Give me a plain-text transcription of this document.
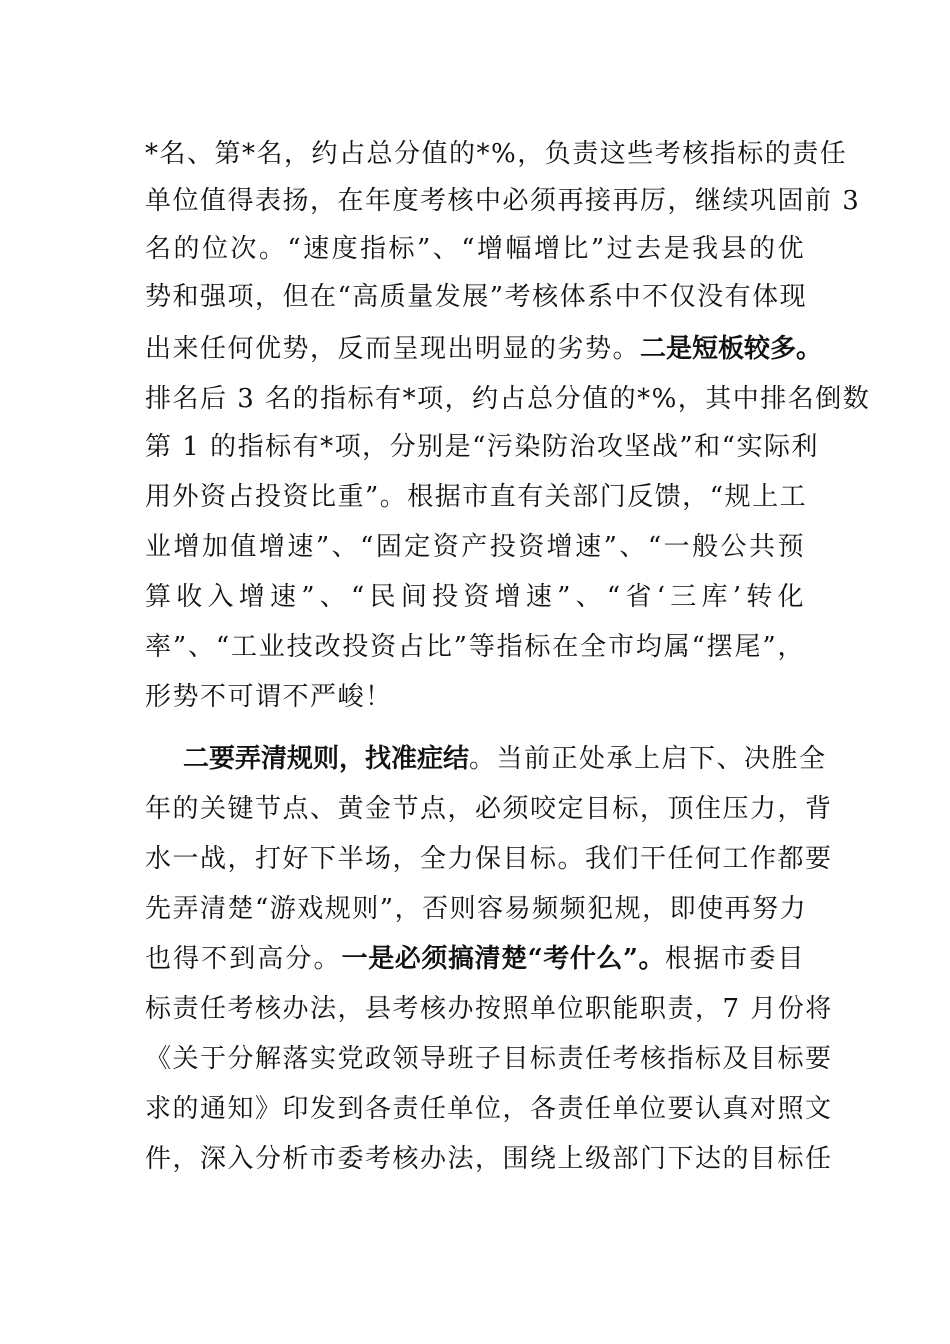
*名、第*名，约占总分值的*%，负责这些考核指标的责任
单位值得表扬，在年度考核中必须再接再厉，继续巩固前 3
名的位次。“速度指标”、“增幅增比”过去是我县的优
势和强项，但在“高质量发展”考核体系中不仅没有体现
出来任何优势，反而呈现出明显的劣势。二是短板较多。
排名后 3 名的指标有*项，约占总分值的*%，其中排名倒数
第 1 的指标有*项，分别是“污染防治攻坚战”和“实际利
用外资占投资比重”。根据市直有关部门反馈，“规上工
业增加值增速”、“固定资产投资增速”、“一般公共预
算收入增速”、“民间投资增速”、“省‘三库’转化
率”、“工业技改投资占比”等指标在全市均属“摆尾”，
形势不可谓不严峻！
二要弄清规则，找准症结。当前正处承上启下、决胜全
年的关键节点、黄金节点，必须咬定目标，顶住压力，背
水一战，打好下半场，全力保目标。我们干任何工作都要
先弄清楚“游戏规则”，否则容易频频犯规，即使再努力
也得不到高分。一是必须搞清楚“考什么”。根据市委目
标责任考核办法，县考核办按照单位职能职责，7 月份将
《关于分解落实党政领导班子目标责任考核指标及目标要
求的通知》印发到各责任单位，各责任单位要认真对照文
件，深入分析市委考核办法，围绕上级部门下达的目标任
